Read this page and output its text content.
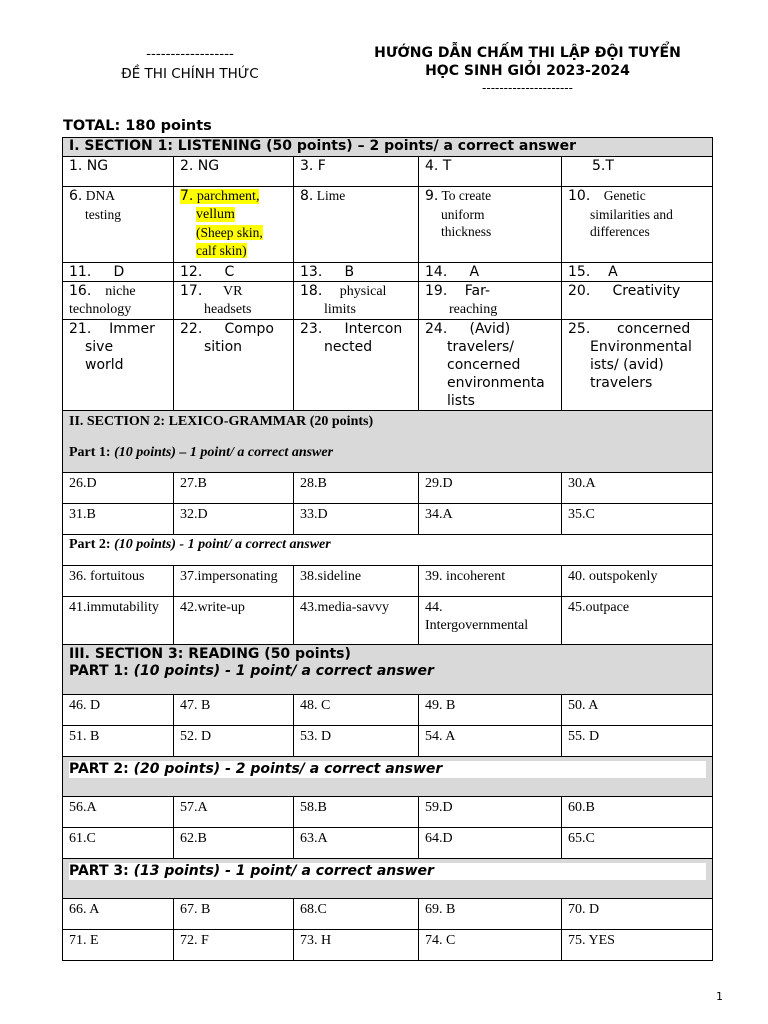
------------------
ĐỀ THI CHÍNH THỨC
HƯỚNG DẪN CHẤM THI LẬP ĐỘI TUYỂN
HỌC SINH GIỎI 2023-2024
---------------------
TOTAL: 180 points
I. SECTION 1: LISTENING (50 points) – 2 points/ a correct answer				
1. NG	2. NG	3. F	4. T	5.T
6. DNA
testing	7. parchment,
vellum
(Sheep skin,
calf skin)	8. Lime	9. To create
uniform
thickness	10. Genetic
similarities and
differences

11.     D	12.     C	13.     B	14.     A	15.    A
16. niche
technology	17. VR
headsets	18. physical
limits	19. Far-
reaching	20.     Creativity
21.    Immer
sive
world	22.     Compo
sition	23.     Intercon
nected	24.     (Avid)
travelers/
concerned
environmenta
lists	25.      concerned
Environmental
ists/ (avid)
travelers

II. SECTION 2: LEXICO-GRAMMAR (20 points)
Part 1: (10 points) – 1 point/ a correct answer				

26.D	27.B	28.B	29.D	30.A
31.B	32.D	33.D	34.A	35.C
Part 2: (10 points) - 1 point/ a correct answer				
36. fortuitous	37.impersonating	38.sideline	39. incoherent	40. outspokenly
41.immutability	42.write-up	43.media-savvy	44.
Intergovernmental	45.outpace

III. SECTION 3: READING (50 points)
PART 1: (10 points) - 1 point/ a correct answer				

46. D	47. B	48. C	49. B	50. A
51. B	52. D	53. D	54. A	55. D

PART 2: (20 points) - 2 points/ a correct answer				

56.A	57.A	58.B	59.D	60.B
61.C	62.B	63.A	64.D	65.C

PART 3: (13 points) - 1 point/ a correct answer				

66. A	67. B	68.C	69. B	70. D
71. E	72. F	73. H	74. C	75. YES
1
